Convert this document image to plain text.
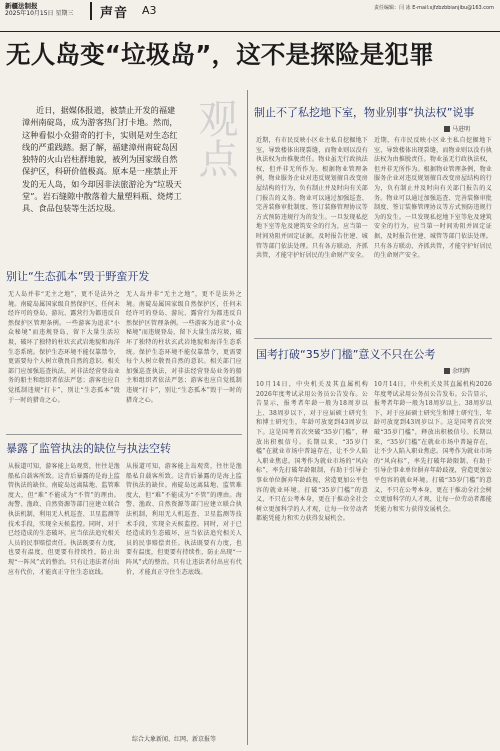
新疆法制报
2025年10月15日 星期三 声音 A3	责任编辑：闫 冰 E-mail:xjfzbzbbianjibu@163.com
无人岛变“垃圾岛”，这不是探险是犯罪
近日，据媒体报道，被禁止开发的福建漳州南碇岛，成为游客热门打卡地。然而，这种看似小众猎奇的打卡，实则是对生态红线的严重践踏。据了解，福建漳州南碇岛因独特的火山岩柱群地貌，被列为国家级自然保护区，科研价值极高。原本是一座禁止开发的无人岛，如今却因非法旅游沦为“垃圾天堂”。岩石缝隙中散落着大量塑料瓶、烧烤工具、食品包装等生活垃圾。
观点
别让“生态孤本”毁于野蛮开发
无人岛并非“无主之地”，更不是法外之境。南碇岛属国家级自然保护区，任何未经许可的登岛、游玩、露营行为都违反自然保护区管理条例。一些游客为追求“小众秘境”而违规登岛，留下大量生活垃圾，破坏了独特的柱状玄武岩地貌和海洋生态系统。保护生态环境不能仅靠禁令，更需要每个人树立敬畏自然的意识。相关部门应加强巡查执法，对非法经营登岛业务的船主和组织者依法严惩；游客也应自觉抵制违规“打卡”，别让“生态孤本”毁于一时的猎奇之心。
无人岛并非“无主之地”，更不是法外之境。南碇岛属国家级自然保护区，任何未经许可的登岛、游玩、露营行为都违反自然保护区管理条例。一些游客为追求“小众秘境”而违规登岛，留下大量生活垃圾，破坏了独特的柱状玄武岩地貌和海洋生态系统。保护生态环境不能仅靠禁令，更需要每个人树立敬畏自然的意识。相关部门应加强巡查执法，对非法经营登岛业务的船主和组织者依法严惩；游客也应自觉抵制违规“打卡”，别让“生态孤本”毁于一时的猎奇之心。
暴露了监管执法的缺位与执法空转
从报道可知，游客能上岛观赏，往往是渔船私自载客所致。这背后暴露的是海上监管执法的缺位。南碇岛远离陆地、监管难度大，但“难”不能成为“不管”的理由。海警、渔政、自然资源等部门应建立联合执法机制，利用无人机巡查、卫星监测等技术手段，实现全天候监控。同时，对于已经造成的生态破坏，应当依法追究相关人员的民事赔偿责任。执法既要有力度，也要有温度，但更要有持续性，防止出现“一阵风”式的整治。只有让违法者付出应有代价，才能真正守住生态底线。
从报道可知，游客能上岛观赏，往往是渔船私自载客所致。这背后暴露的是海上监管执法的缺位。南碇岛远离陆地、监管难度大，但“难”不能成为“不管”的理由。海警、渔政、自然资源等部门应建立联合执法机制，利用无人机巡查、卫星监测等技术手段，实现全天候监控。同时，对于已经造成的生态破坏，应当依法追究相关人员的民事赔偿责任。执法既要有力度，也要有温度，但更要有持续性，防止出现“一阵风”式的整治。只有让违法者付出应有代价，才能真正守住生态底线。
综合大象新闻、红网、新京报等
制止不了私挖地下室，物业别事“执法权”说事
马进明
近期，有市民反映小区业主私自挖掘地下室，导致楼体出现裂缝，而物业则以没有执法权为由推脱责任。物业虽无行政执法权，但并非无所作为。根据物业管理条例，物业服务企业对违反规划擅自改变房屋结构的行为，负有制止并及时向有关部门报告的义务。物业可以通过加强巡查、完善装修审批制度、签订装修管理协议等方式预防违规行为的发生。一旦发现私挖地下室等危及建筑安全的行为，应当第一时间劝阻并固定证据，及时报告住建、城管等部门依法处理。只有各方联动、齐抓共管，才能守护好居民的生命财产安全。
近期，有市民反映小区业主私自挖掘地下室，导致楼体出现裂缝，而物业则以没有执法权为由推脱责任。物业虽无行政执法权，但并非无所作为。根据物业管理条例，物业服务企业对违反规划擅自改变房屋结构的行为，负有制止并及时向有关部门报告的义务。物业可以通过加强巡查、完善装修审批制度、签订装修管理协议等方式预防违规行为的发生。一旦发现私挖地下室等危及建筑安全的行为，应当第一时间劝阻并固定证据，及时报告住建、城管等部门依法处理。只有各方联动、齐抓共管，才能守护好居民的生命财产安全。
国考打破“35岁门槛”意义不只在公考
余明辉
10月14日，中央机关及其直属机构2026年度考试录用公务员公告发布。公告显示，报考者年龄一般为18周岁以上、38周岁以下，对于应届硕士研究生和博士研究生，年龄可放宽到43周岁以下。这是国考首次突破“35岁门槛”，释放出积极信号。长期以来，“35岁门槛”在就业市场中普遍存在，让不少人陷入职业焦虑。国考作为就业市场的“风向标”，率先打破年龄限制，有助于引导企事业单位摒弃年龄歧视，营造更加公平包容的就业环境。打破“35岁门槛”的意义，不只在公考本身，更在于推动全社会树立更加科学的人才观，让每一位劳动者都能凭能力和实力获得发展机会。
10月14日，中央机关及其直属机构2026年度考试录用公务员公告发布。公告显示，报考者年龄一般为18周岁以上、38周岁以下，对于应届硕士研究生和博士研究生，年龄可放宽到43周岁以下。这是国考首次突破“35岁门槛”，释放出积极信号。长期以来，“35岁门槛”在就业市场中普遍存在，让不少人陷入职业焦虑。国考作为就业市场的“风向标”，率先打破年龄限制，有助于引导企事业单位摒弃年龄歧视，营造更加公平包容的就业环境。打破“35岁门槛”的意义，不只在公考本身，更在于推动全社会树立更加科学的人才观，让每一位劳动者都能凭能力和实力获得发展机会。
